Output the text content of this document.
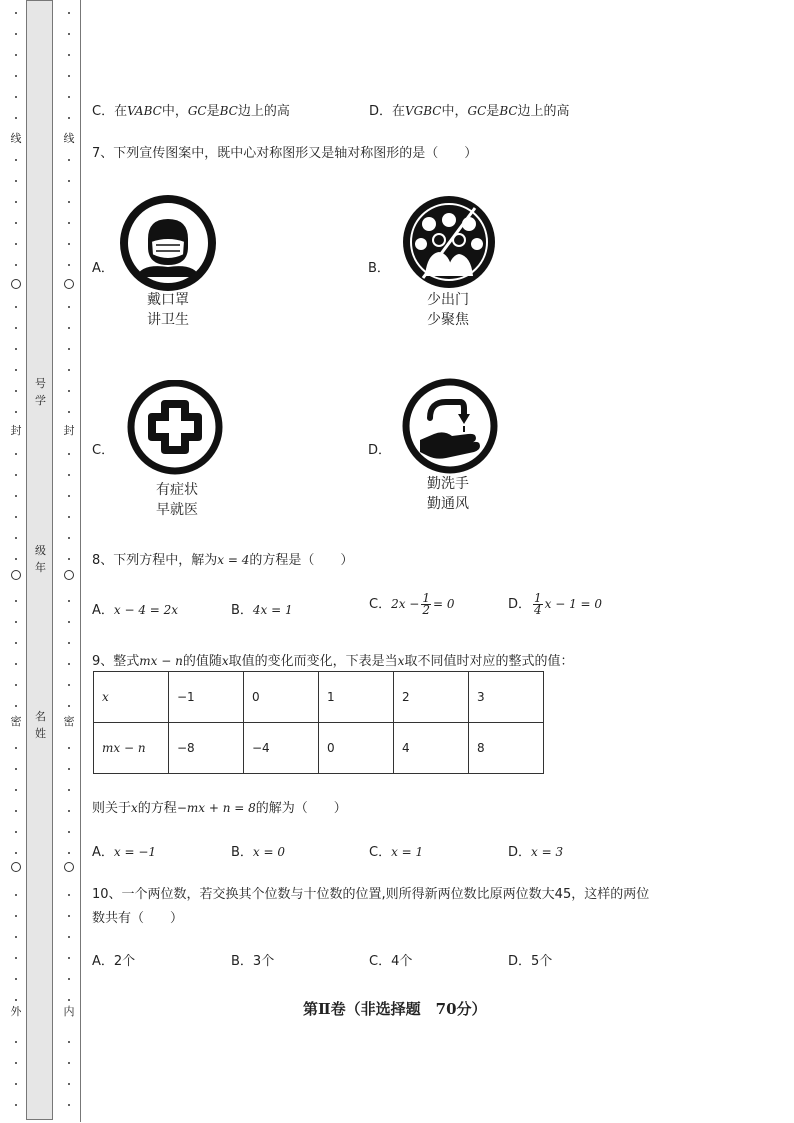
线
封
密
外
号学
级年
名姓
线
封
密
内
C．在VABC中，GC是BC边上的高	D．在VGBC中，GC是BC边上的高
7、下列宣传图案中，既中心对称图形又是轴对称图形的是（　　）
A．
戴口罩
讲卫生
B．
少出门
少聚焦
C．
有症状
早就医
D．
勤洗手
勤通风
8、下列方程中，解为x = 4的方程是（　　）
A．x − 4 = 2x	B．4x = 1	C．$2x - \frac{1}{2} = 0$	D． $\frac{1}{4}$ x − 1 = 0
9、整式mx − n的值随x取值的变化而变化，下表是当x取不同值时对应的整式的值：
x	−1	0	1	2	3
mx − n	−8	−4	0	4	8
则关于x的方程−mx + n = 8的解为（　　）
A．x = −1	B．x = 0	C．x = 1	D．x = 3
10、一个两位数，若交换其个位数与十位数的位置,则所得新两位数比原两位数大45，这样的两位
数共有（　　）
A．2个	B．3个	C．4个	D．5个
第Ⅱ卷（非选择题　70分）
